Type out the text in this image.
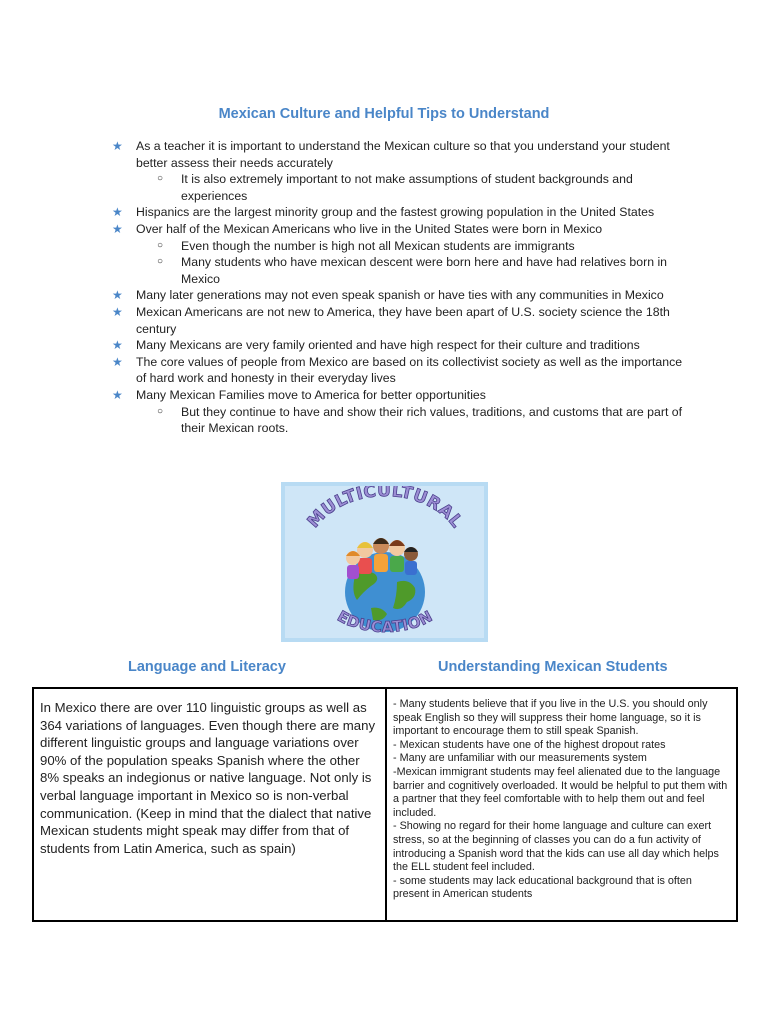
Mexican Culture and Helpful Tips to Understand
★ As a teacher it is important to understand the Mexican culture so that you understand your student better assess their needs accurately
○ It is also extremely important to not make assumptions of student backgrounds and experiences
★ Hispanics are the largest minority group and the fastest growing population in the United States
★ Over half of the Mexican Americans who live in the United States were born in Mexico
○ Even though the number is high not all Mexican students are immigrants
○ Many students who have mexican descent were born here and have had relatives born in Mexico
★ Many later generations may not even speak spanish or have ties with any communities in Mexico
★ Mexican Americans are not new to America, they have been apart of U.S. society science the 18th century
★ Many Mexicans are very family oriented and have high respect for their culture and traditions
★ The core values of people from Mexico are based on its collectivist society as well as the importance of hard work and honesty in their everyday lives
★ Many Mexican Families move to America for better opportunities
○ But they continue to have and show their rich values, traditions, and customs that are part of their Mexican roots.
MULTICULTURAL
EDUCATION
Language and Literacy	Understanding Mexican Students
In Mexico there are over 110 linguistic groups as well as 364 variations of languages. Even though there are many different linguistic groups and language variations over 90% of the population speaks Spanish where the other 8% speaks an indegionus or native language. Not only is verbal language important in Mexico so is non-verbal communication. (Keep in mind that the dialect that native Mexican students might speak may differ from that of students from Latin America, such as spain)
- Many students believe that if you live in the U.S. you should only speak English so they will suppress their home language, so it is important to encourage them to still speak Spanish.
- Mexican students have one of the highest dropout rates
- Many are unfamiliar with our measurements system
-Mexican immigrant students may feel alienated due to the language barrier and cognitively overloaded. It would be helpful to put them with a partner that they feel comfortable with to help them out and feel included.
- Showing no regard for their home language and culture can exert stress, so at the beginning of classes you can do a fun activity of introducing a Spanish word that the kids can use all day which helps the ELL student feel included.
- some students may lack educational background that is often present in American students
